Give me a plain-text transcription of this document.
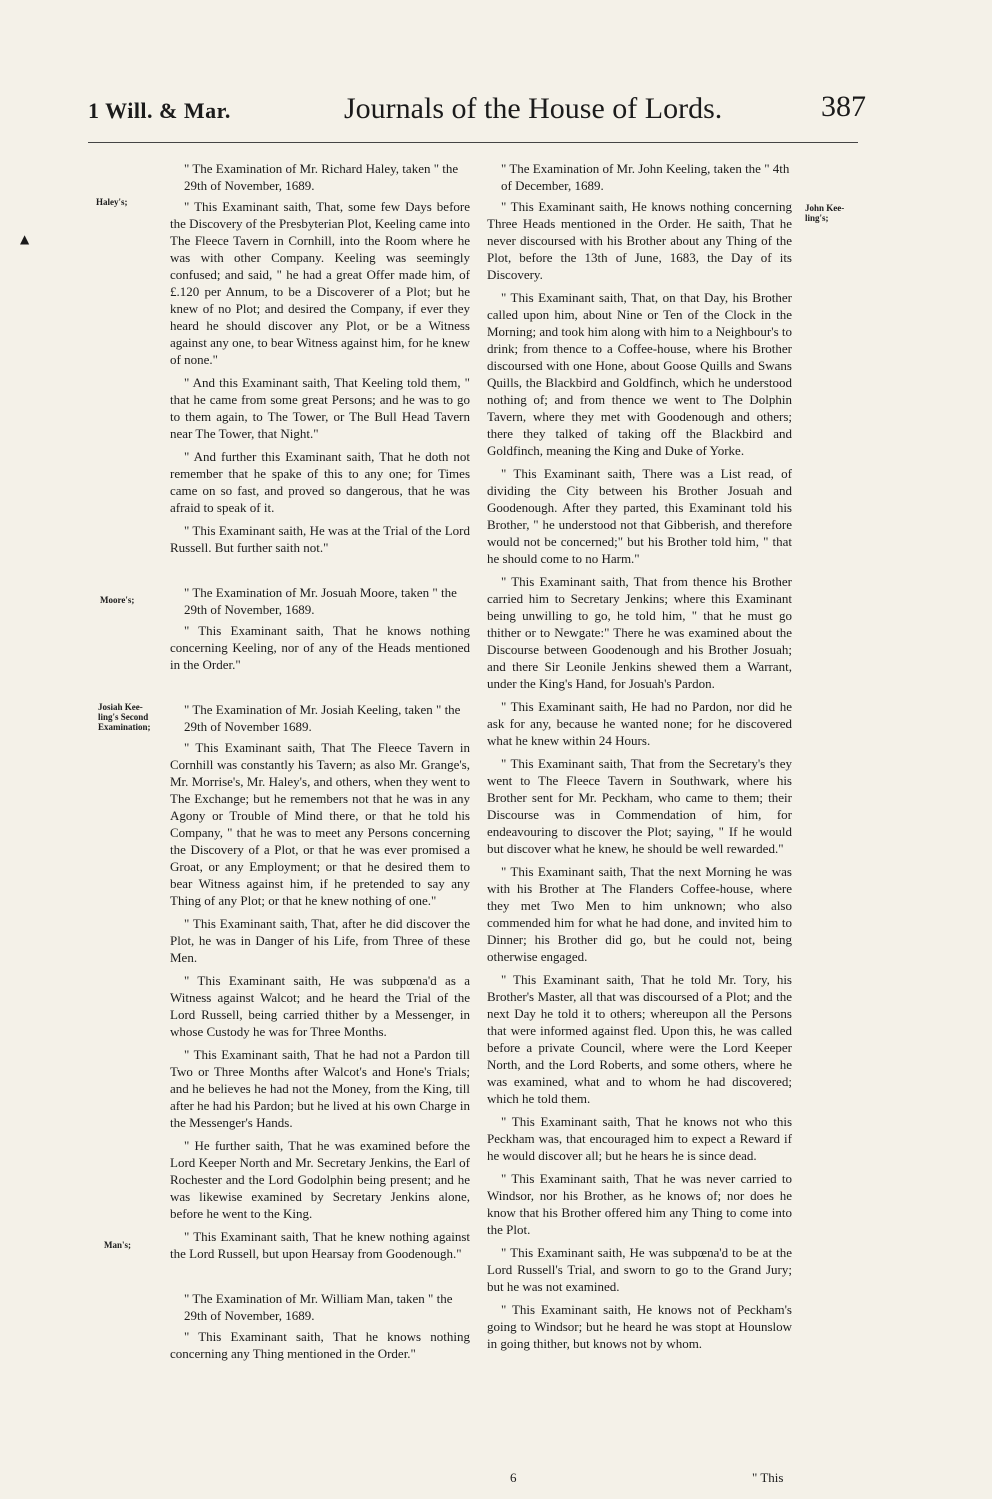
1 Will. & Mar.	Journals of the House of Lords.	387
▲
Haley's;
Moore's;
Josiah Kee-
ling's Second
Examination;
Man's;
John Kee-
ling's;

" The Examination of Mr. Richard Haley, taken " the 29th of November, 1689.

" This Examinant saith, That, some few Days before the Discovery of the Presbyterian Plot, Keeling came into The Fleece Tavern in Cornhill, into the Room where he was with other Company. Keeling was seemingly confused; and said, " he had a great Offer made him, of £.120 per Annum, to be a Discoverer of a Plot; but he knew of no Plot; and desired the Company, if ever they heard he should discover any Plot, or be a Witness against any one, to bear Witness against him, for he knew of none."

" And this Examinant saith, That Keeling told them, " that he came from some great Persons; and he was to go to them again, to The Tower, or The Bull Head Tavern near The Tower, that Night."

" And further this Examinant saith, That he doth not remember that he spake of this to any one; for Times came on so fast, and proved so dangerous, that he was afraid to speak of it.

" This Examinant saith, He was at the Trial of the Lord Russell. But further saith not."

" The Examination of Mr. Josuah Moore, taken " the 29th of November, 1689.

" This Examinant saith, That he knows nothing concerning Keeling, nor of any of the Heads mentioned in the Order."

" The Examination of Mr. Josiah Keeling, taken " the 29th of November 1689.

" This Examinant saith, That The Fleece Tavern in Cornhill was constantly his Tavern; as also Mr. Grange's, Mr. Morrise's, Mr. Haley's, and others, when they went to The Exchange; but he remembers not that he was in any Agony or Trouble of Mind there, or that he told his Company, " that he was to meet any Persons concerning the Discovery of a Plot, or that he was ever promised a Groat, or any Employment; or that he desired them to bear Witness against him, if he pretended to say any Thing of any Plot; or that he knew nothing of one."

" This Examinant saith, That, after he did discover the Plot, he was in Danger of his Life, from Three of these Men.

" This Examinant saith, He was subpœna'd as a Witness against Walcot; and he heard the Trial of the Lord Russell, being carried thither by a Messenger, in whose Custody he was for Three Months.

" This Examinant saith, That he had not a Pardon till Two or Three Months after Walcot's and Hone's Trials; and he believes he had not the Money, from the King, till after he had his Pardon; but he lived at his own Charge in the Messenger's Hands.

" He further saith, That he was examined before the Lord Keeper North and Mr. Secretary Jenkins, the Earl of Rochester and the Lord Godolphin being present; and he was likewise examined by Secretary Jenkins alone, before he went to the King.

" This Examinant saith, That he knew nothing against the Lord Russell, but upon Hearsay from Goodenough."

" The Examination of Mr. William Man, taken " the 29th of November, 1689.

" This Examinant saith, That he knows nothing concerning any Thing mentioned in the Order."

" The Examination of Mr. John Keeling, taken the " 4th of December, 1689.

" This Examinant saith, He knows nothing concerning Three Heads mentioned in the Order. He saith, That he never discoursed with his Brother about any Thing of the Plot, before the 13th of June, 1683, the Day of its Discovery.

" This Examinant saith, That, on that Day, his Brother called upon him, about Nine or Ten of the Clock in the Morning; and took him along with him to a Neighbour's to drink; from thence to a Coffee-house, where his Brother discoursed with one Hone, about Goose Quills and Swans Quills, the Blackbird and Goldfinch, which he understood nothing of; and from thence we went to The Dolphin Tavern, where they met with Goodenough and others; there they talked of taking off the Blackbird and Goldfinch, meaning the King and Duke of Yorke.

" This Examinant saith, There was a List read, of dividing the City between his Brother Josuah and Goodenough. After they parted, this Examinant told his Brother, " he understood not that Gibberish, and therefore would not be concerned;" but his Brother told him, " that he should come to no Harm."

" This Examinant saith, That from thence his Brother carried him to Secretary Jenkins; where this Examinant being unwilling to go, he told him, " that he must go thither or to Newgate:" There he was examined about the Discourse between Goodenough and his Brother Josuah; and there Sir Leonile Jenkins shewed them a Warrant, under the King's Hand, for Josuah's Pardon.

" This Examinant saith, He had no Pardon, nor did he ask for any, because he wanted none; for he discovered what he knew within 24 Hours.

" This Examinant saith, That from the Secretary's they went to The Fleece Tavern in Southwark, where his Brother sent for Mr. Peckham, who came to them; their Discourse was in Commendation of him, for endeavouring to discover the Plot; saying, " If he would but discover what he knew, he should be well rewarded."

" This Examinant saith, That the next Morning he was with his Brother at The Flanders Coffee-house, where they met Two Men to him unknown; who also commended him for what he had done, and invited him to Dinner; his Brother did go, but he could not, being otherwise engaged.

" This Examinant saith, That he told Mr. Tory, his Brother's Master, all that was discoursed of a Plot; and the next Day he told it to others; whereupon all the Persons that were informed against fled. Upon this, he was called before a private Council, where were the Lord Keeper North, and the Lord Roberts, and some others, where he was examined, what and to whom he had discovered; which he told them.

" This Examinant saith, That he knows not who this Peckham was, that encouraged him to expect a Reward if he would discover all; but he hears he is since dead.

" This Examinant saith, That he was never carried to Windsor, nor his Brother, as he knows of; nor does he know that his Brother offered him any Thing to come into the Plot.

" This Examinant saith, He was subpœna'd to be at the Lord Russell's Trial, and sworn to go to the Grand Jury; but he was not examined.

" This Examinant saith, He knows not of Peckham's going to Windsor; but he heard he was stopt at Hounslow in going thither, but knows not by whom.

6	" This
